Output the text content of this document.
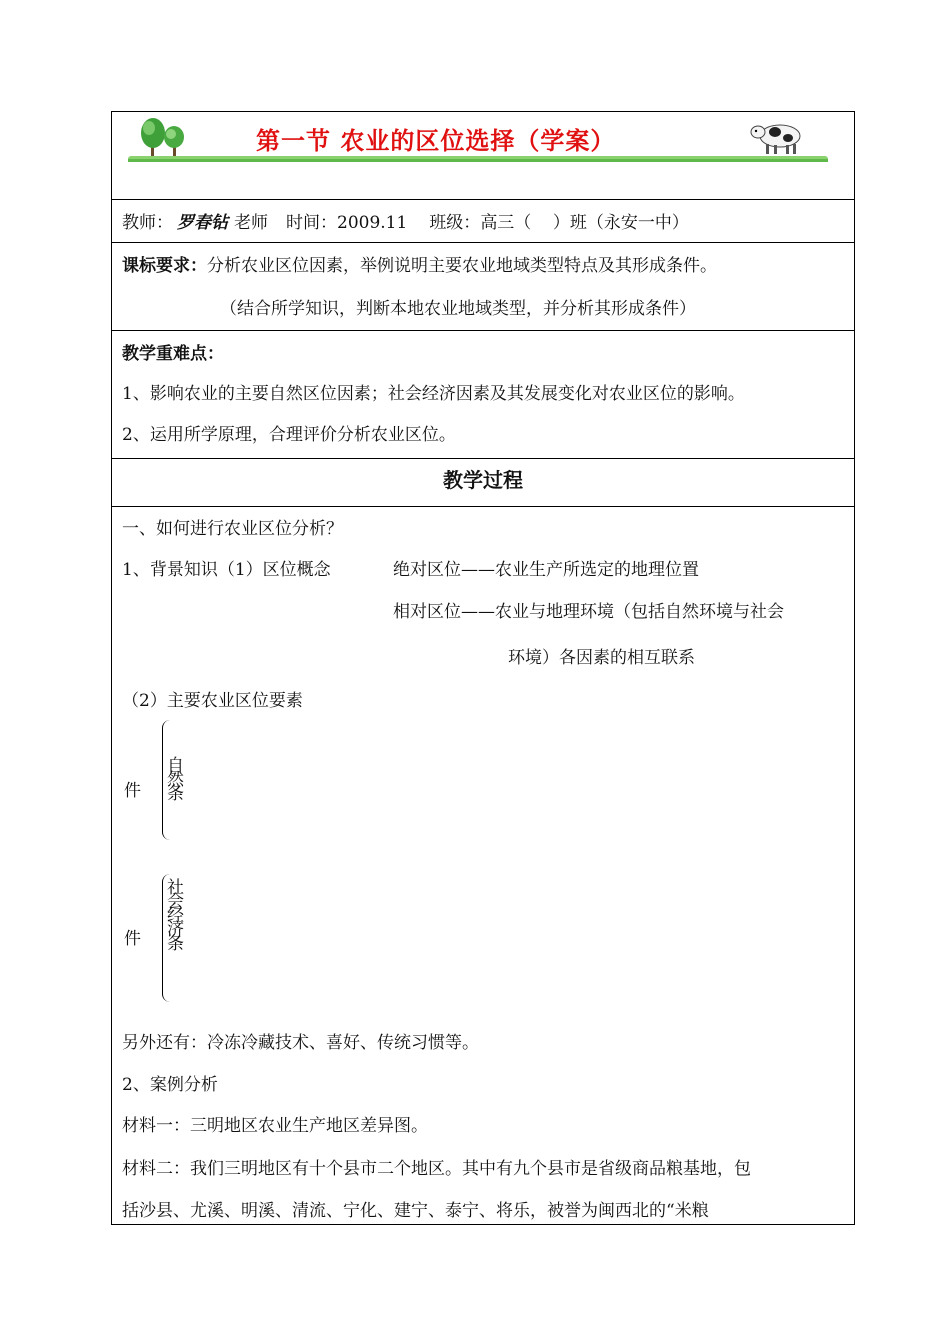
第一节 农业的区位选择（学案）
教师： 罗春钻 老师 时间：2009.11 班级：高三（    ）班（永安一中）
课标要求：分析农业区位因素，举例说明主要农业地域类型特点及其形成条件。
（结合所学知识，判断本地农业地域类型，并分析其形成条件）
教学重难点：
1、影响农业的主要自然区位因素；社会经济因素及其发展变化对农业区位的影响。
2、运用所学原理，合理评价分析农业区位。
教学过程
一、如何进行农业区位分析？
1、背景知识（1）区位概念	绝对区位——农业生产所选定的地理位置
相对区位——农业与地理环境（包括自然环境与社会
环境）各因素的相互联系
（2）主要农业区位要素
件 自然条
件 社会经济条
另外还有：冷冻冷藏技术、喜好、传统习惯等。
2、案例分析
材料一：三明地区农业生产地区差异图。
材料二：我们三明地区有十个县市二个地区。其中有九个县市是省级商品粮基地，包
括沙县、尤溪、明溪、清流、宁化、建宁、泰宁、将乐，被誉为闽西北的“米粮
